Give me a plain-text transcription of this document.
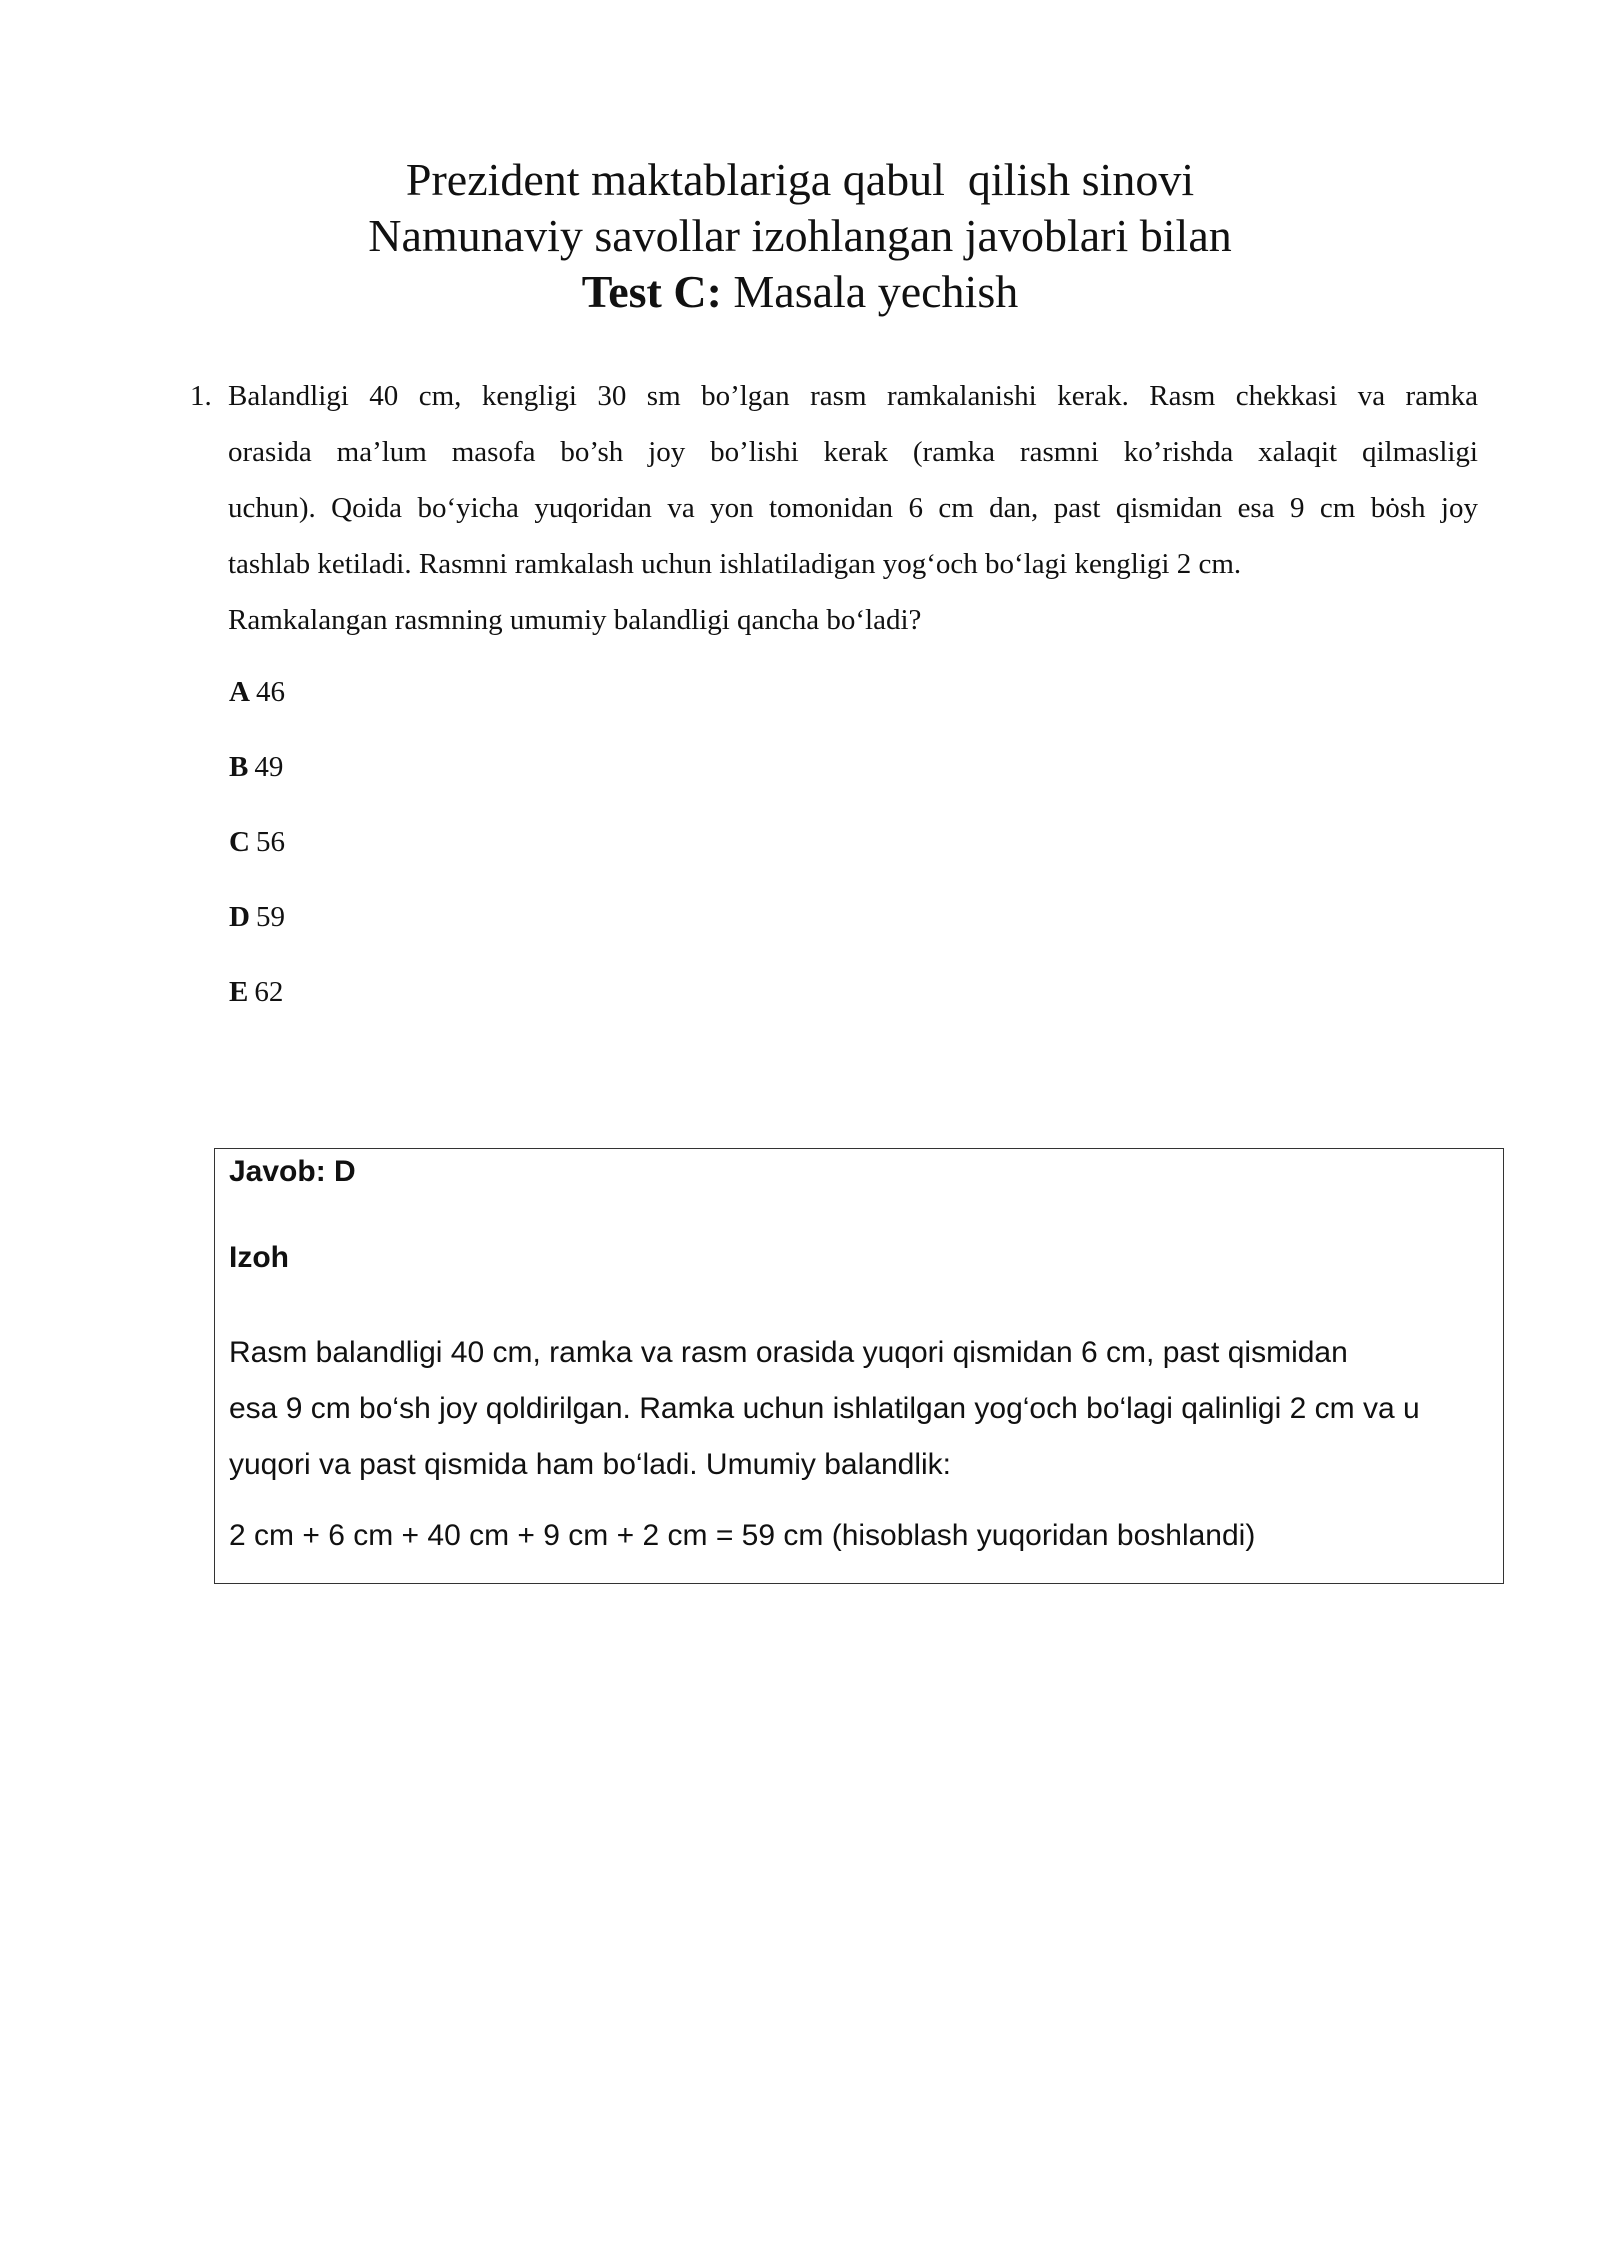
Prezident maktablariga qabul  qilish sinovi
Namunaviy savollar izohlangan javoblari bilan
Test C: Masala yechish
1. Balandligi 40 cm, kengligi 30 sm bo’lgan rasm ramkalanishi kerak. Rasm chekkasi va ramka
orasida ma’lum masofa bo’sh joy bo’lishi kerak (ramka rasmni ko’rishda xalaqit qilmasligi
uchun). Qoida bo‘yicha yuqoridan va yon tomonidan 6 cm dan, past qismidan esa 9 cm bȯsh joy
tashlab ketiladi. Rasmni ramkalash uchun ishlatiladigan yog‘och bo‘lagi kengligi 2 cm.
Ramkalangan rasmning umumiy balandligi qancha bo‘ladi?
A 46
B 49
C 56
D 59
E 62
Javob: D
Izoh
Rasm balandligi 40 cm, ramka va rasm orasida yuqori qismidan 6 cm, past qismidan
esa 9 cm bo‘sh joy qoldirilgan. Ramka uchun ishlatilgan yog‘och bo‘lagi qalinligi 2 cm va u
yuqori va past qismida ham bo‘ladi. Umumiy balandlik:
2 cm + 6 cm + 40 cm + 9 cm + 2 cm = 59 cm (hisoblash yuqoridan boshlandi)
